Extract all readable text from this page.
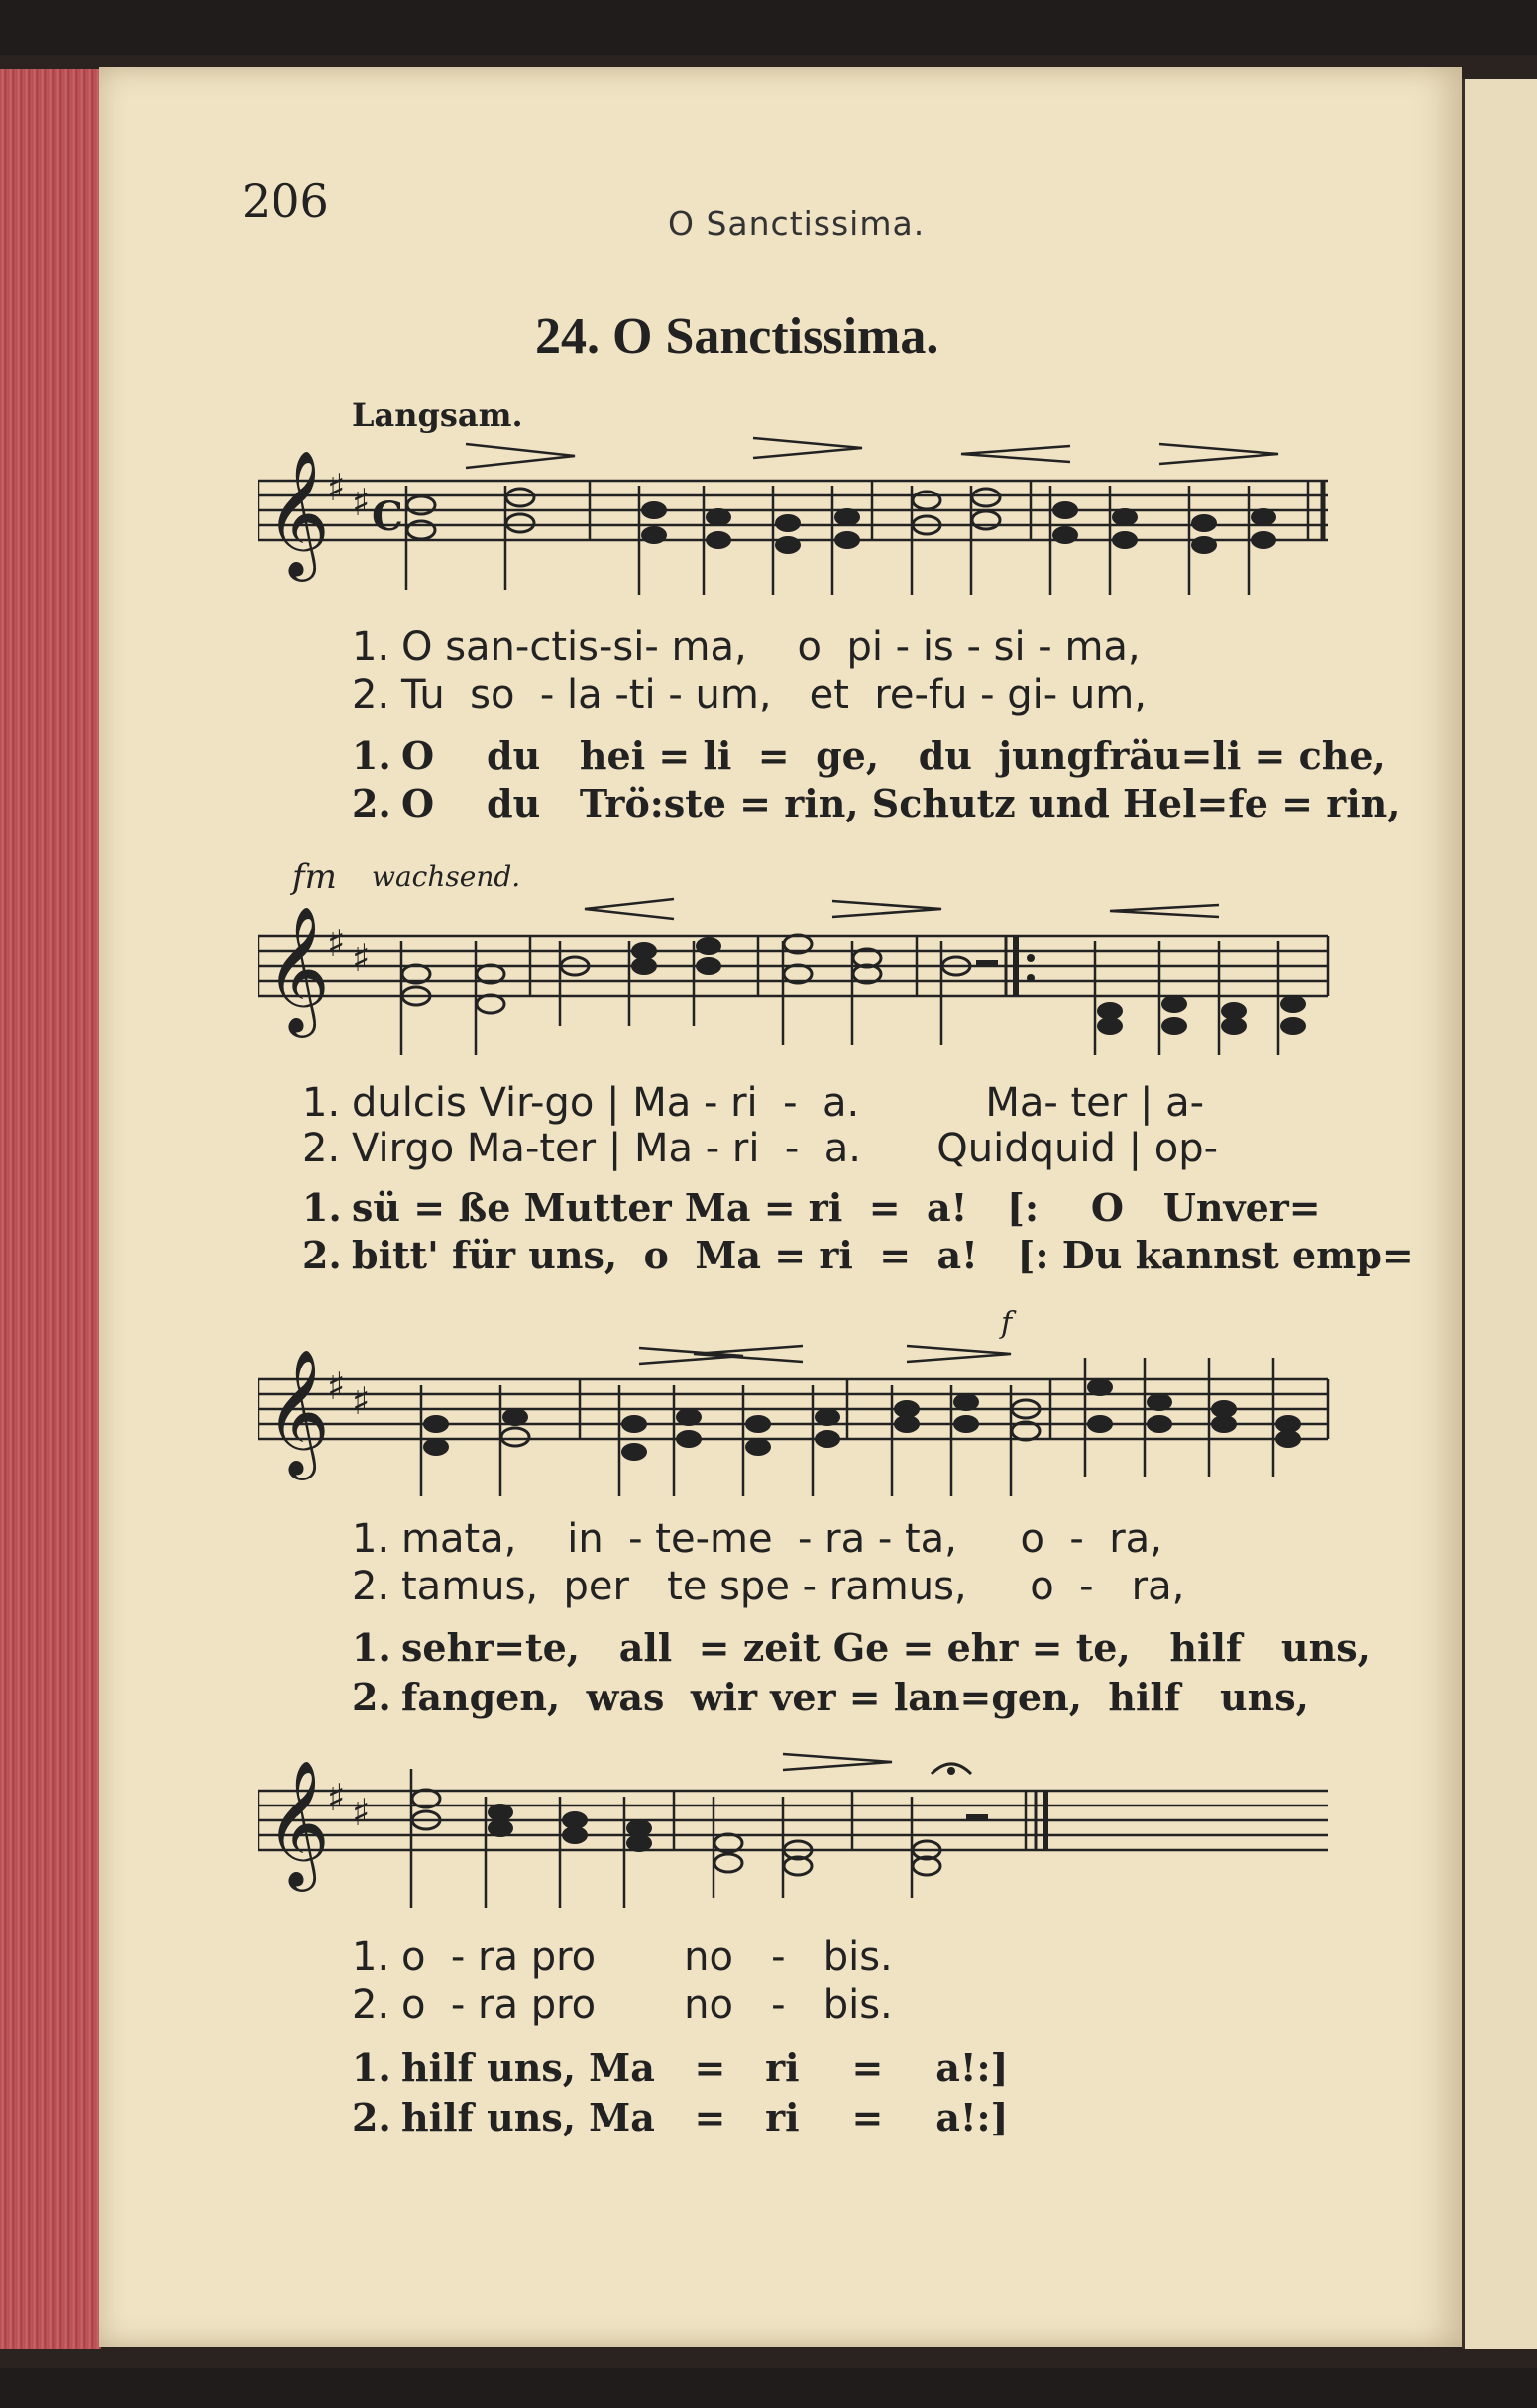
206	O Sanctissima.
24. O Sanctissima.
Langsam.
𝄞
♯ ♯ C
1. O san-ctis-si- ma,    o  pi - is - si - ma,
2. Tu  so  - la -ti - um,   et  re-fu - gi- um,
1. O    du   hei = li  =  ge,   du  jungfräu=li = che,
2. O    du   Trö:ste = rin, Schutz und Hel=fe = rin,
fm wachsend.
𝄞
♯ ♯
1. dulcis Vir-go | Ma - ri  -  a.          Ma- ter | a-
2. Virgo Ma-ter | Ma - ri  -  a.      Quidquid | op-
1. sü = ße Mutter Ma = ri  =  a!   [:    O   Unver=
2. bitt' für uns,  o  Ma = ri  =  a!   [: Du kannst emp=
f
𝄞
♯ ♯
1. mata,    in  - te-me  - ra - ta,     o  -  ra,
2. tamus,  per   te spe - ramus,     o  -   ra,
1. sehr=te,   all  = zeit Ge = ehr = te,   hilf   uns,
2. fangen,  was  wir ver = lan=gen,  hilf   uns,
𝄞
♯ ♯
1. o  - ra pro       no   -   bis.
2. o  - ra pro       no   -   bis.
1. hilf uns, Ma   =   ri    =    a!:]
2. hilf uns, Ma   =   ri    =    a!:]
